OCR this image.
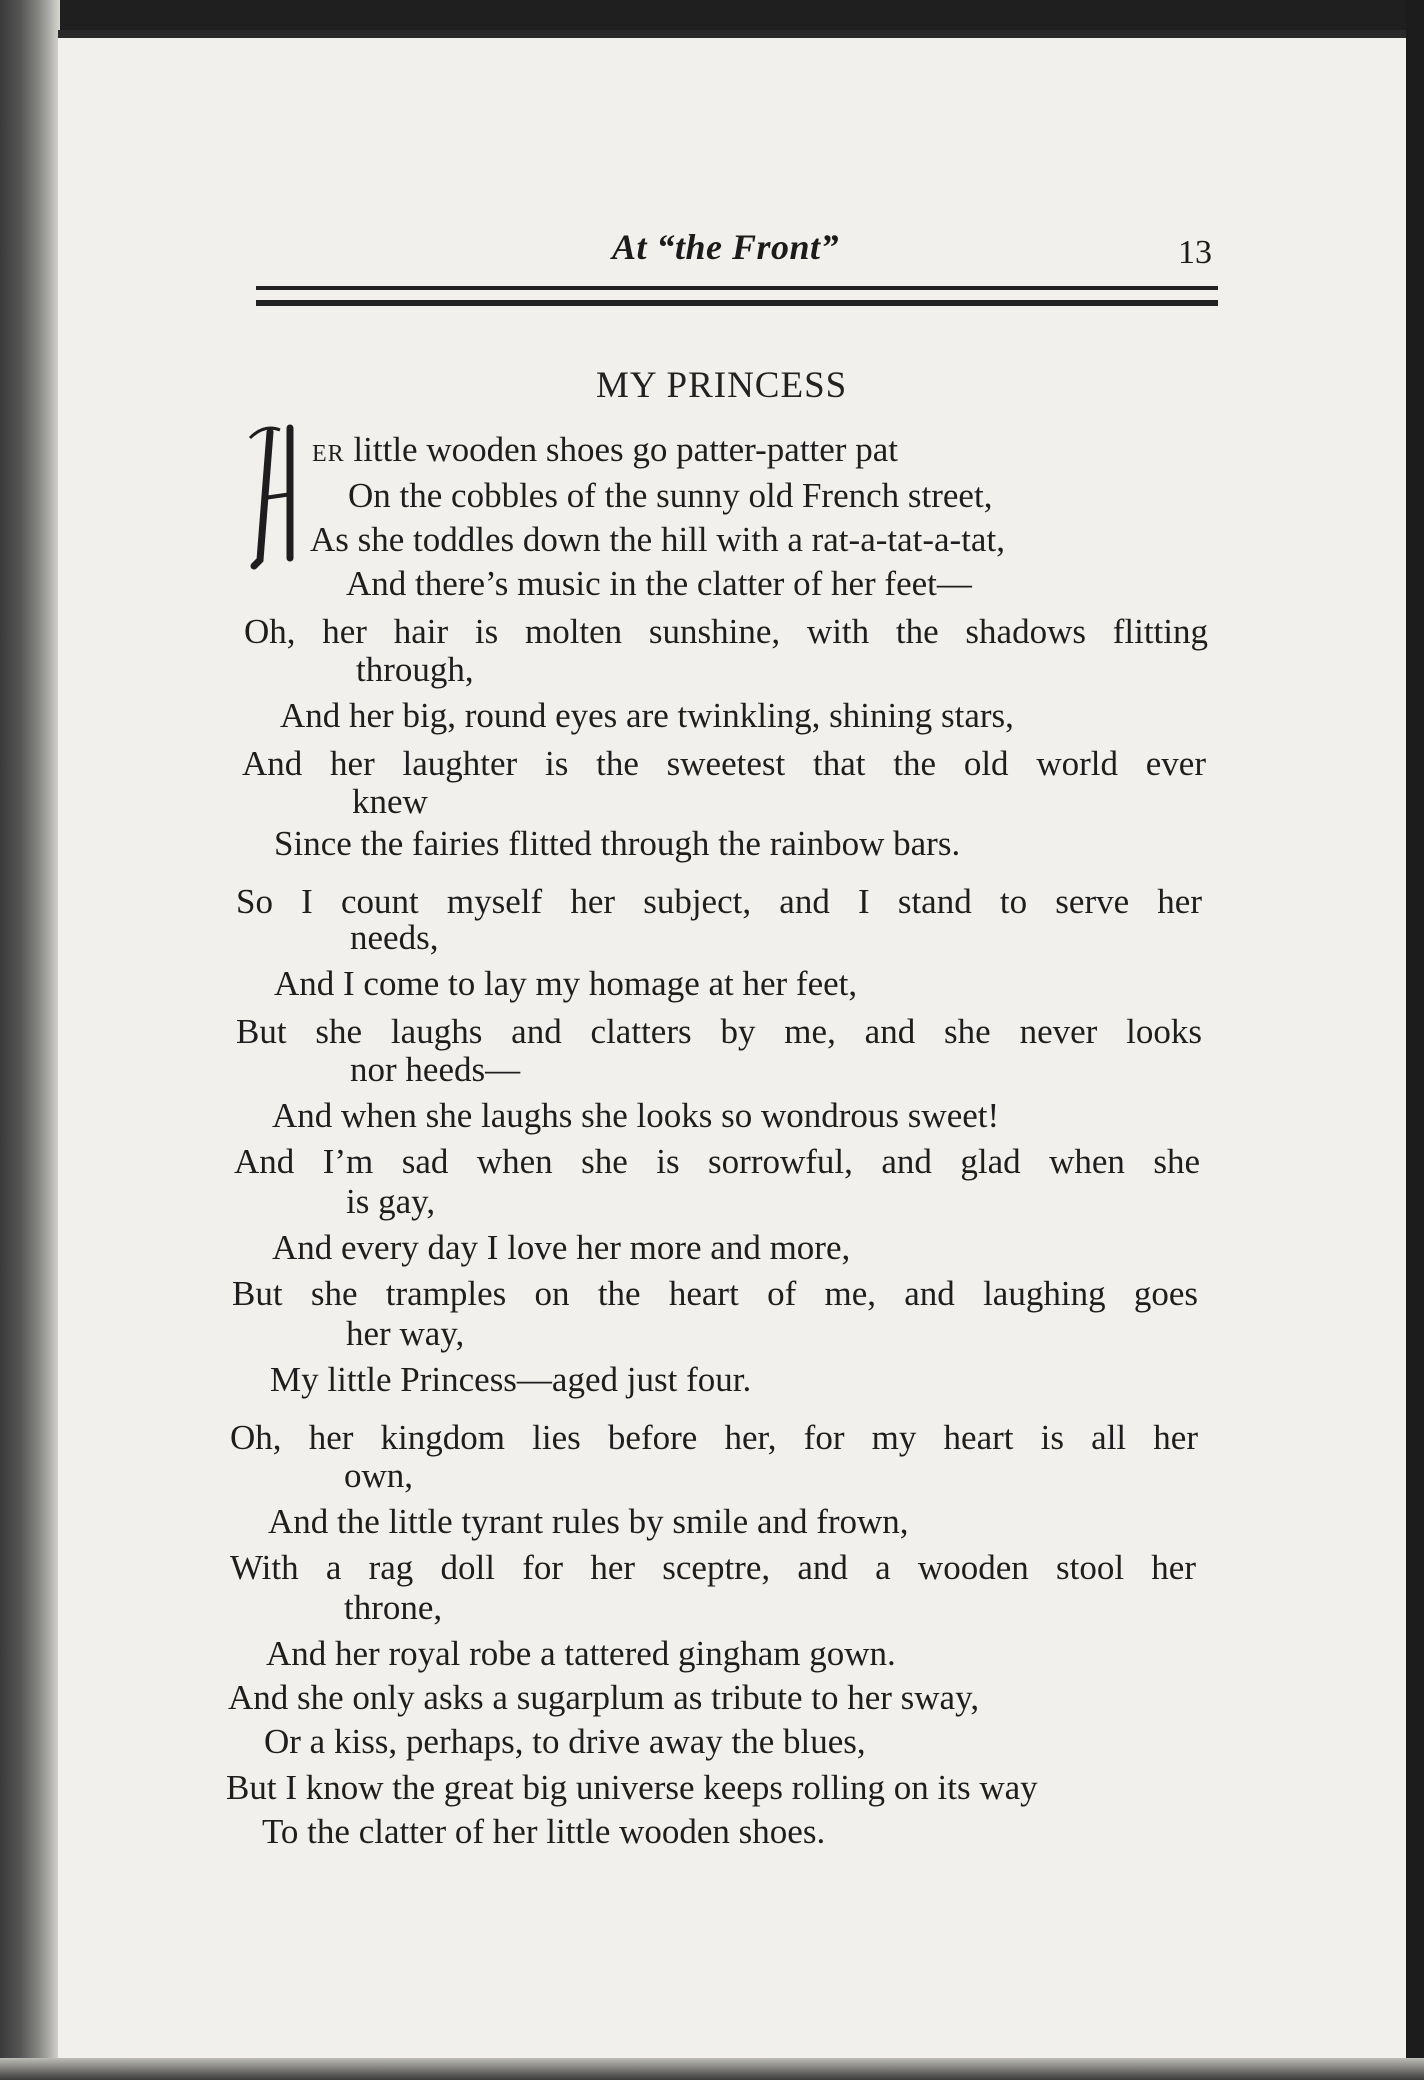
At “the Front”	13
MY PRINCESS
ER little wooden shoes go patter-patter pat
On the cobbles of the sunny old French street,
As she toddles down the hill with a rat-a-tat-a-tat,
And there’s music in the clatter of her feet—
Oh, her hair is molten sunshine, with the shadows flitting
through,
And her big, round eyes are twinkling, shining stars,
And her laughter is the sweetest that the old world ever
knew
Since the fairies flitted through the rainbow bars.
So I count myself her subject, and I stand to serve her
needs,
And I come to lay my homage at her feet,
But she laughs and clatters by me, and she never looks
nor heeds—
And when she laughs she looks so wondrous sweet!
And I’m sad when she is sorrowful, and glad when she
is gay,
And every day I love her more and more,
But she tramples on the heart of me, and laughing goes
her way,
My little Princess—aged just four.
Oh, her kingdom lies before her, for my heart is all her
own,
And the little tyrant rules by smile and frown,
With a rag doll for her sceptre, and a wooden stool her
throne,
And her royal robe a tattered gingham gown.
And she only asks a sugarplum as tribute to her sway,
Or a kiss, perhaps, to drive away the blues,
But I know the great big universe keeps rolling on its way
To the clatter of her little wooden shoes.
